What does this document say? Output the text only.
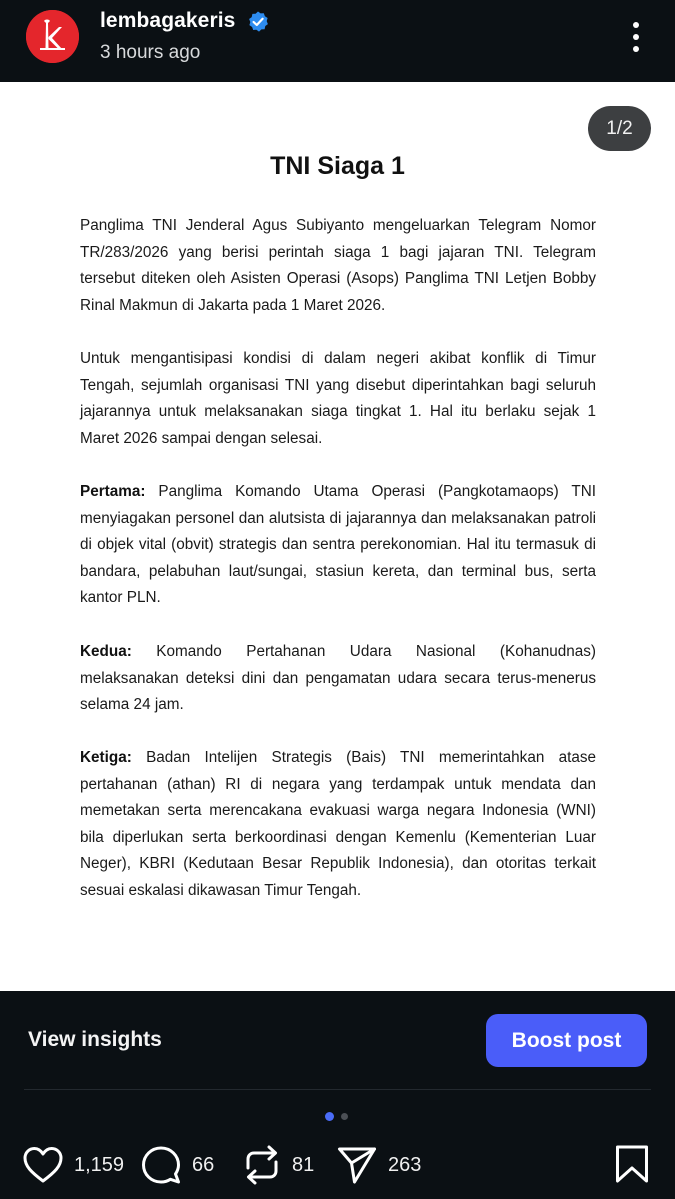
lembagakeris
3 hours ago
1/2
TNI Siaga 1

Panglima TNI Jenderal Agus Subiyanto mengeluarkan Telegram Nomor TR/283/2026 yang berisi perintah siaga 1 bagi jajaran TNI. Telegram tersebut diteken oleh Asisten Operasi (Asops) Panglima TNI Letjen Bobby Rinal Makmun di Jakarta pada 1 Maret 2026.

Untuk mengantisipasi kondisi di dalam negeri akibat konflik di Timur Tengah, sejumlah organisasi TNI yang disebut diperintahkan bagi seluruh jajarannya untuk melaksanakan siaga tingkat 1. Hal itu berlaku sejak 1 Maret 2026 sampai dengan selesai.

Pertama: Panglima Komando Utama Operasi (Pangkotamaops) TNI menyiagakan personel dan alutsista di jajarannya dan melaksanakan patroli di objek vital (obvit) strategis dan sentra perekonomian. Hal itu termasuk di bandara, pelabuhan laut/sungai, stasiun kereta, dan terminal bus, serta kantor PLN.

Kedua: Komando Pertahanan Udara Nasional (Kohanudnas) melaksanakan deteksi dini dan pengamatan udara secara terus-menerus selama 24 jam.

Ketiga: Badan Intelijen Strategis (Bais) TNI memerintahkan atase pertahanan (athan) RI di negara yang terdampak untuk mendata dan memetakan serta merencakana evakuasi warga negara Indonesia (WNI) bila diperlukan serta berkoordinasi dengan Kemenlu (Kementerian Luar Neger), KBRI (Kedutaan Besar Republik Indonesia), dan otoritas terkait sesuai eskalasi dikawasan Timur Tengah.

View insights	Boost post
1,159	66	81	263
